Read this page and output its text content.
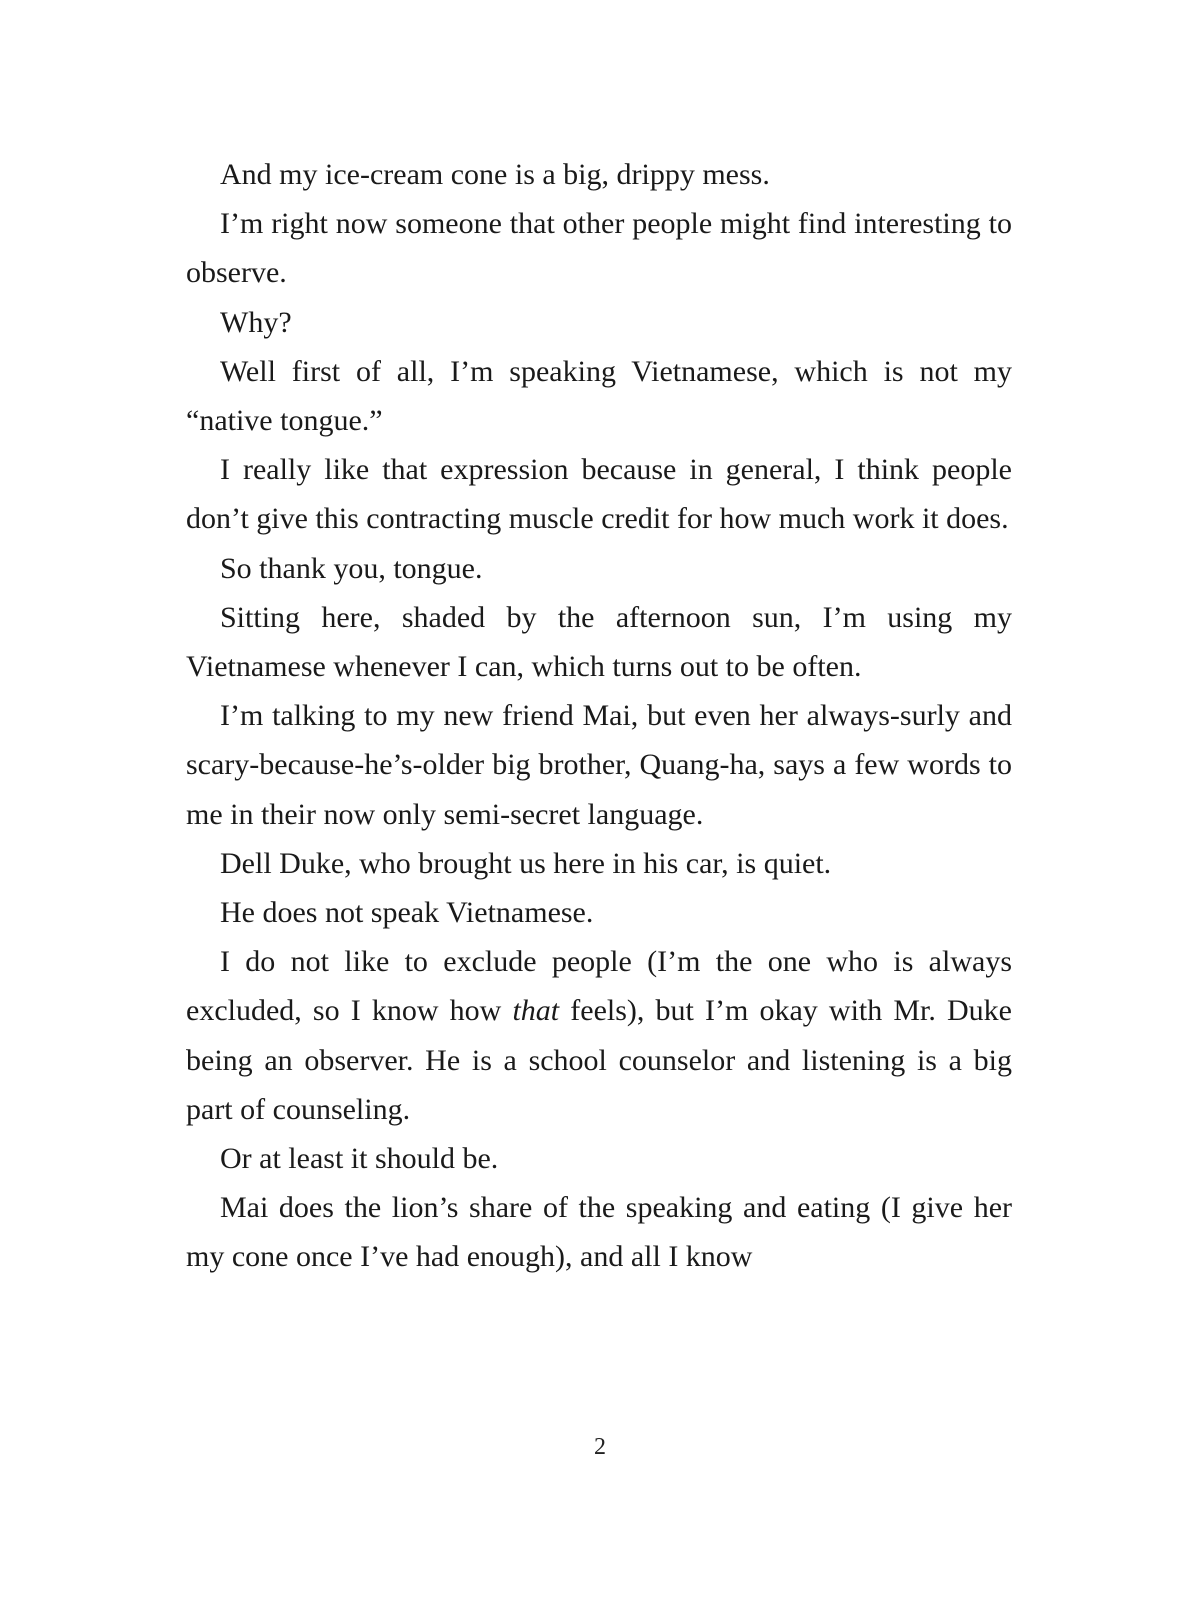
And my ice-cream cone is a big, drippy mess.

I’m right now someone that other people might find interesting to observe.

Why?

Well first of all, I’m speaking Vietnamese, which is not my “native tongue.”

I really like that expression because in general, I think people don’t give this contracting muscle credit for how much work it does.

So thank you, tongue.

Sitting here, shaded by the afternoon sun, I’m using my Vietnamese whenever I can, which turns out to be often.

I’m talking to my new friend Mai, but even her always-surly and scary-because-he’s-older big brother, Quang-ha, says a few words to me in their now only semi-secret language.

Dell Duke, who brought us here in his car, is quiet.

He does not speak Vietnamese.

I do not like to exclude people (I’m the one who is always excluded, so I know how that feels), but I’m okay with Mr. Duke being an observer. He is a school counselor and listening is a big part of counseling.

Or at least it should be.

Mai does the lion’s share of the speaking and eating (I give her my cone once I’ve had enough), and all I know

2
